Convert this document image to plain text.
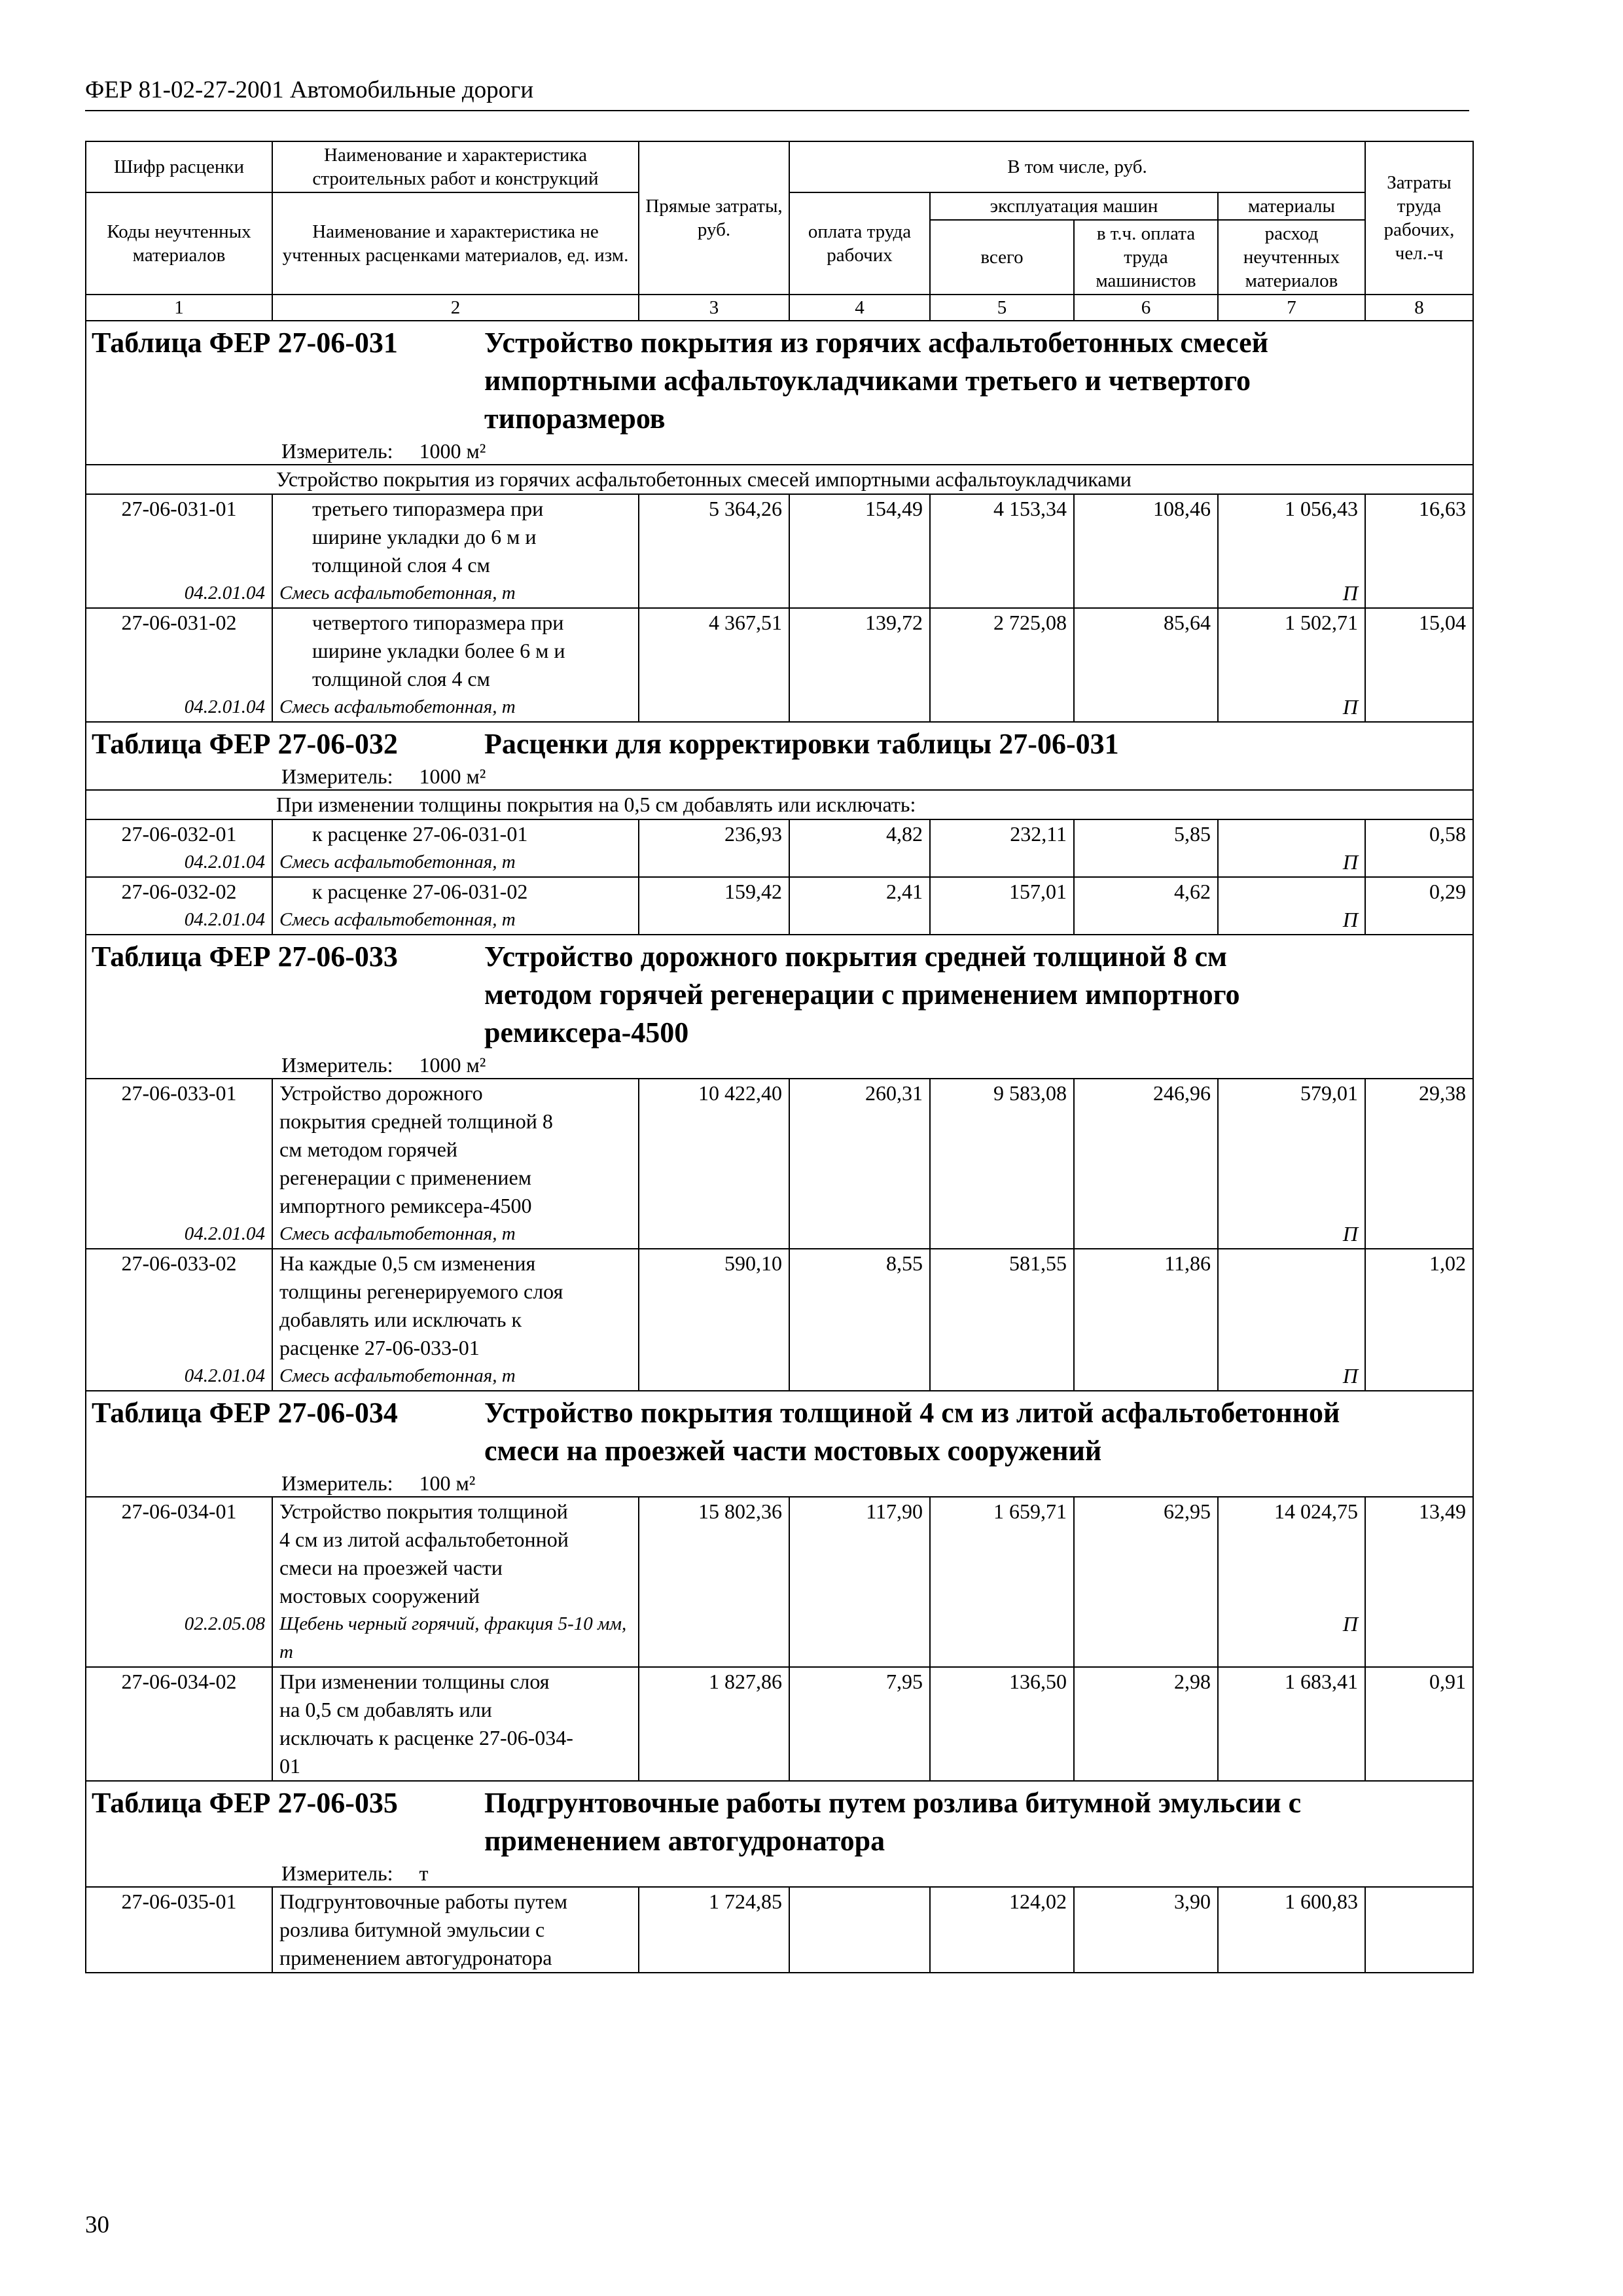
ФЕР 81-02-27-2001 Автомобильные дороги
Шифр расценки	Наименование и характеристика строительных работ и конструкций	Прямые затраты, руб.	В том числе, руб.				Затраты труда рабочих, чел.-ч
Коды неучтенных материалов	Наименование и характеристика не учтенных расценками материалов, ед. изм.		оплата труда рабочих	эксплуатация машин		материалы	
				всего	в т.ч. оплата труда машинистов	расход неучтенных материалов	
1	2	3	4	5	6	7	8

Таблица ФЕР 27-06-031 Устройство покрытия из горячих асфальтобетонных смесей
импортными асфальтоукладчиками третьего и четвертого
типоразмеров
Измеритель: 1000 м²							

Устройство покрытия из горячих асфальтобетонных смесей импортными асфальтоукладчиками							
27-06-031-01	третьего типоразмера при
ширине укладки до 6 м и
толщиной слоя 4 см	5 364,26	154,49	4 153,34	108,46	1 056,43	16,63
04.2.01.04	Смесь асфальтобетонная, т					П	
27-06-031-02	четвертого типоразмера при
ширине укладки более 6 м и
толщиной слоя 4 см	4 367,51	139,72	2 725,08	85,64	1 502,71	15,04
04.2.01.04	Смесь асфальтобетонная, т					П	

Таблица ФЕР 27-06-032 Расценки для корректировки таблицы 27-06-031
Измеритель: 1000 м²							

При изменении толщины покрытия на 0,5 см добавлять или исключать:							
27-06-032-01	к расценке 27-06-031-01	236,93	4,82	232,11	5,85		0,58
04.2.01.04	Смесь асфальтобетонная, т					П	
27-06-032-02	к расценке 27-06-031-02	159,42	2,41	157,01	4,62		0,29
04.2.01.04	Смесь асфальтобетонная, т					П	

Таблица ФЕР 27-06-033 Устройство дорожного покрытия средней толщиной 8 см
методом горячей регенерации с применением импортного
ремиксера-4500
Измеритель: 1000 м²							

27-06-033-01	Устройство дорожного
покрытия средней толщиной 8
см методом горячей
регенерации с применением
импортного ремиксера-4500	10 422,40	260,31	9 583,08	246,96	579,01	29,38
04.2.01.04	Смесь асфальтобетонная, т					П	
27-06-033-02	На каждые 0,5 см изменения
толщины регенерируемого слоя
добавлять или исключать к
расценке 27-06-033-01	590,10	8,55	581,55	11,86		1,02
04.2.01.04	Смесь асфальтобетонная, т					П	

Таблица ФЕР 27-06-034 Устройство покрытия толщиной 4 см из литой асфальтобетонной
смеси на проезжей части мостовых сооружений
Измеритель: 100 м²							

27-06-034-01	Устройство покрытия толщиной
4 см из литой асфальтобетонной
смеси на проезжей части
мостовых сооружений	15 802,36	117,90	1 659,71	62,95	14 024,75	13,49
02.2.05.08	Щебень черный горячий, фракция 5-10 мм, т					П	
27-06-034-02	При изменении толщины слоя
на 0,5 см добавлять или
исключать к расценке 27-06-034-
01	1 827,86	7,95	136,50	2,98	1 683,41	0,91

Таблица ФЕР 27-06-035 Подгрунтовочные работы путем розлива битумной эмульсии с
применением автогудронатора
Измеритель: т							

27-06-035-01	Подгрунтовочные работы путем
розлива битумной эмульсии с
применением автогудронатора	1 724,85		124,02	3,90	1 600,83	
30
